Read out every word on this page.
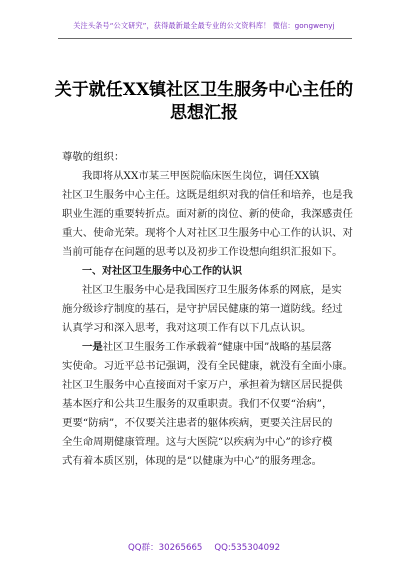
关注头条号“公文研究”，获得最新最全最专业的公文资料库！ 微信：gongwenyj
关于就任XX镇社区卫生服务中心主任的
思想汇报
尊敬的组织：
我即将从XX市某三甲医院临床医生岗位，调任XX镇
社区卫生服务中心主任。这既是组织对我的信任和培养，也是我
职业生涯的重要转折点。面对新的岗位、新的使命，我深感责任
重大、使命光荣。现将个人对社区卫生服务中心工作的认识、对
当前可能存在问题的思考以及初步工作设想向组织汇报如下。
一、对社区卫生服务中心工作的认识
社区卫生服务中心是我国医疗卫生服务体系的网底，是实
施分级诊疗制度的基石，是守护居民健康的第一道防线。经过
认真学习和深入思考，我对这项工作有以下几点认识。
一是社区卫生服务工作承载着“健康中国”战略的基层落
实使命。习近平总书记强调，没有全民健康，就没有全面小康。
社区卫生服务中心直接面对千家万户，承担着为辖区居民提供
基本医疗和公共卫生服务的双重职责。我们不仅要“治病”，
更要“防病”，不仅要关注患者的躯体疾病，更要关注居民的
全生命周期健康管理。这与大医院“以疾病为中心”的诊疗模
式有着本质区别，体现的是“以健康为中心”的服务理念。
QQ群：30265665 QQ:535304092
